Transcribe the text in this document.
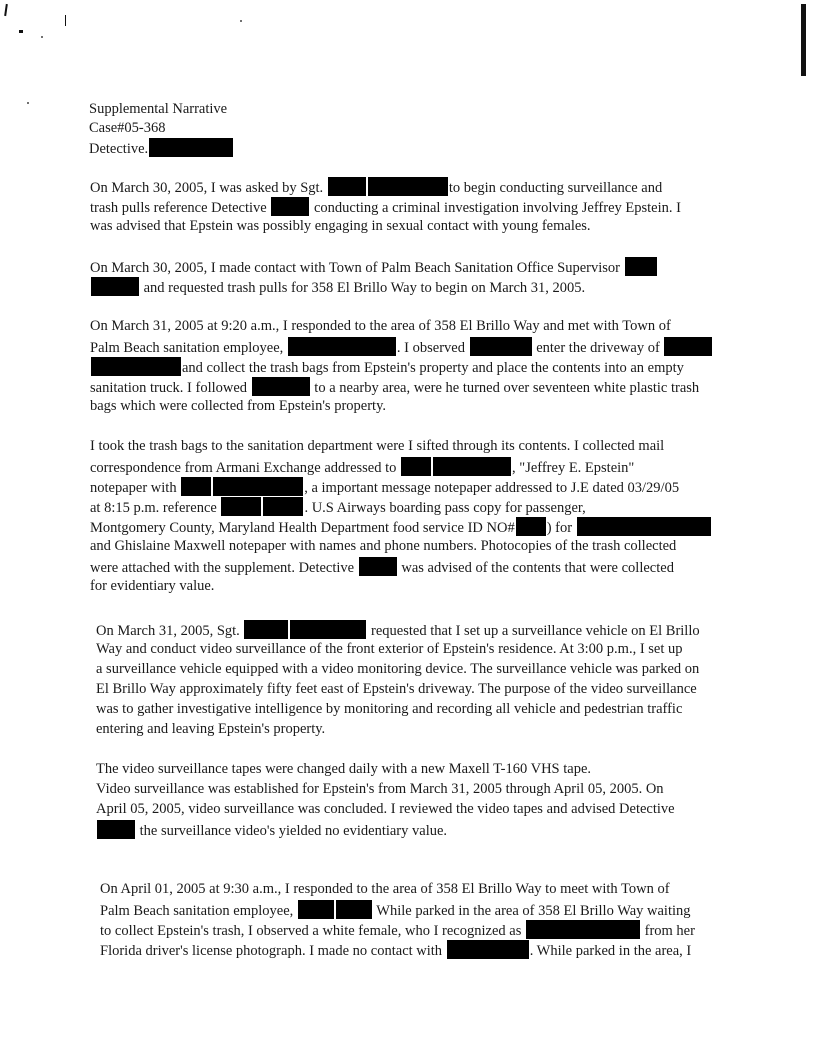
Supplemental Narrative
Case#05-368
Detective.
On March 30, 2005, I was asked by Sgt.	to begin conducting surveillance and
trash pulls reference Detective	conducting a criminal investigation involving Jeffrey Epstein. I
was advised that Epstein was possibly engaging in sexual contact with young females.
On March 30, 2005, I made contact with Town of Palm Beach Sanitation Office Supervisor
and requested trash pulls for 358 El Brillo Way to begin on March 31, 2005.
On March 31, 2005 at 9:20 a.m., I responded to the area of 358 El Brillo Way and met with Town of
Palm Beach sanitation employee,	. I observed	enter the driveway of
and collect the trash bags from Epstein's property and place the contents into an empty
sanitation truck. I followed	to a nearby area, were he turned over seventeen white plastic trash
bags which were collected from Epstein's property.
I took the trash bags to the sanitation department were I sifted through its contents. I collected mail
correspondence from Armani Exchange addressed to	, "Jeffrey E. Epstein"
notepaper with	, a important message notepaper addressed to J.E dated 03/29/05
at 8:15 p.m. reference	. U.S Airways boarding pass copy for passenger,
Montgomery County, Maryland Health Department food service ID NO# ) for
and Ghislaine Maxwell notepaper with names and phone numbers. Photocopies of the trash collected
were attached with the supplement. Detective	was advised of the contents that were collected
for evidentiary value.
On March 31, 2005, Sgt.	requested that I set up a surveillance vehicle on El Brillo
Way and conduct video surveillance of the front exterior of Epstein's residence. At 3:00 p.m., I set up
a surveillance vehicle equipped with a video monitoring device. The surveillance vehicle was parked on
El Brillo Way approximately fifty feet east of Epstein's driveway. The purpose of the video surveillance
was to gather investigative intelligence by monitoring and recording all vehicle and pedestrian traffic
entering and leaving Epstein's property.
The video surveillance tapes were changed daily with a new Maxell T-160 VHS tape.
Video surveillance was established for Epstein's from March 31, 2005 through April 05, 2005. On
April 05, 2005, video surveillance was concluded. I reviewed the video tapes and advised Detective
the surveillance video's yielded no evidentiary value.
On April 01, 2005 at 9:30 a.m., I responded to the area of 358 El Brillo Way to meet with Town of
Palm Beach sanitation employee,	While parked in the area of 358 El Brillo Way waiting
to collect Epstein's trash, I observed a white female, who I recognized as	from her
Florida driver's license photograph. I made no contact with	. While parked in the area, I
